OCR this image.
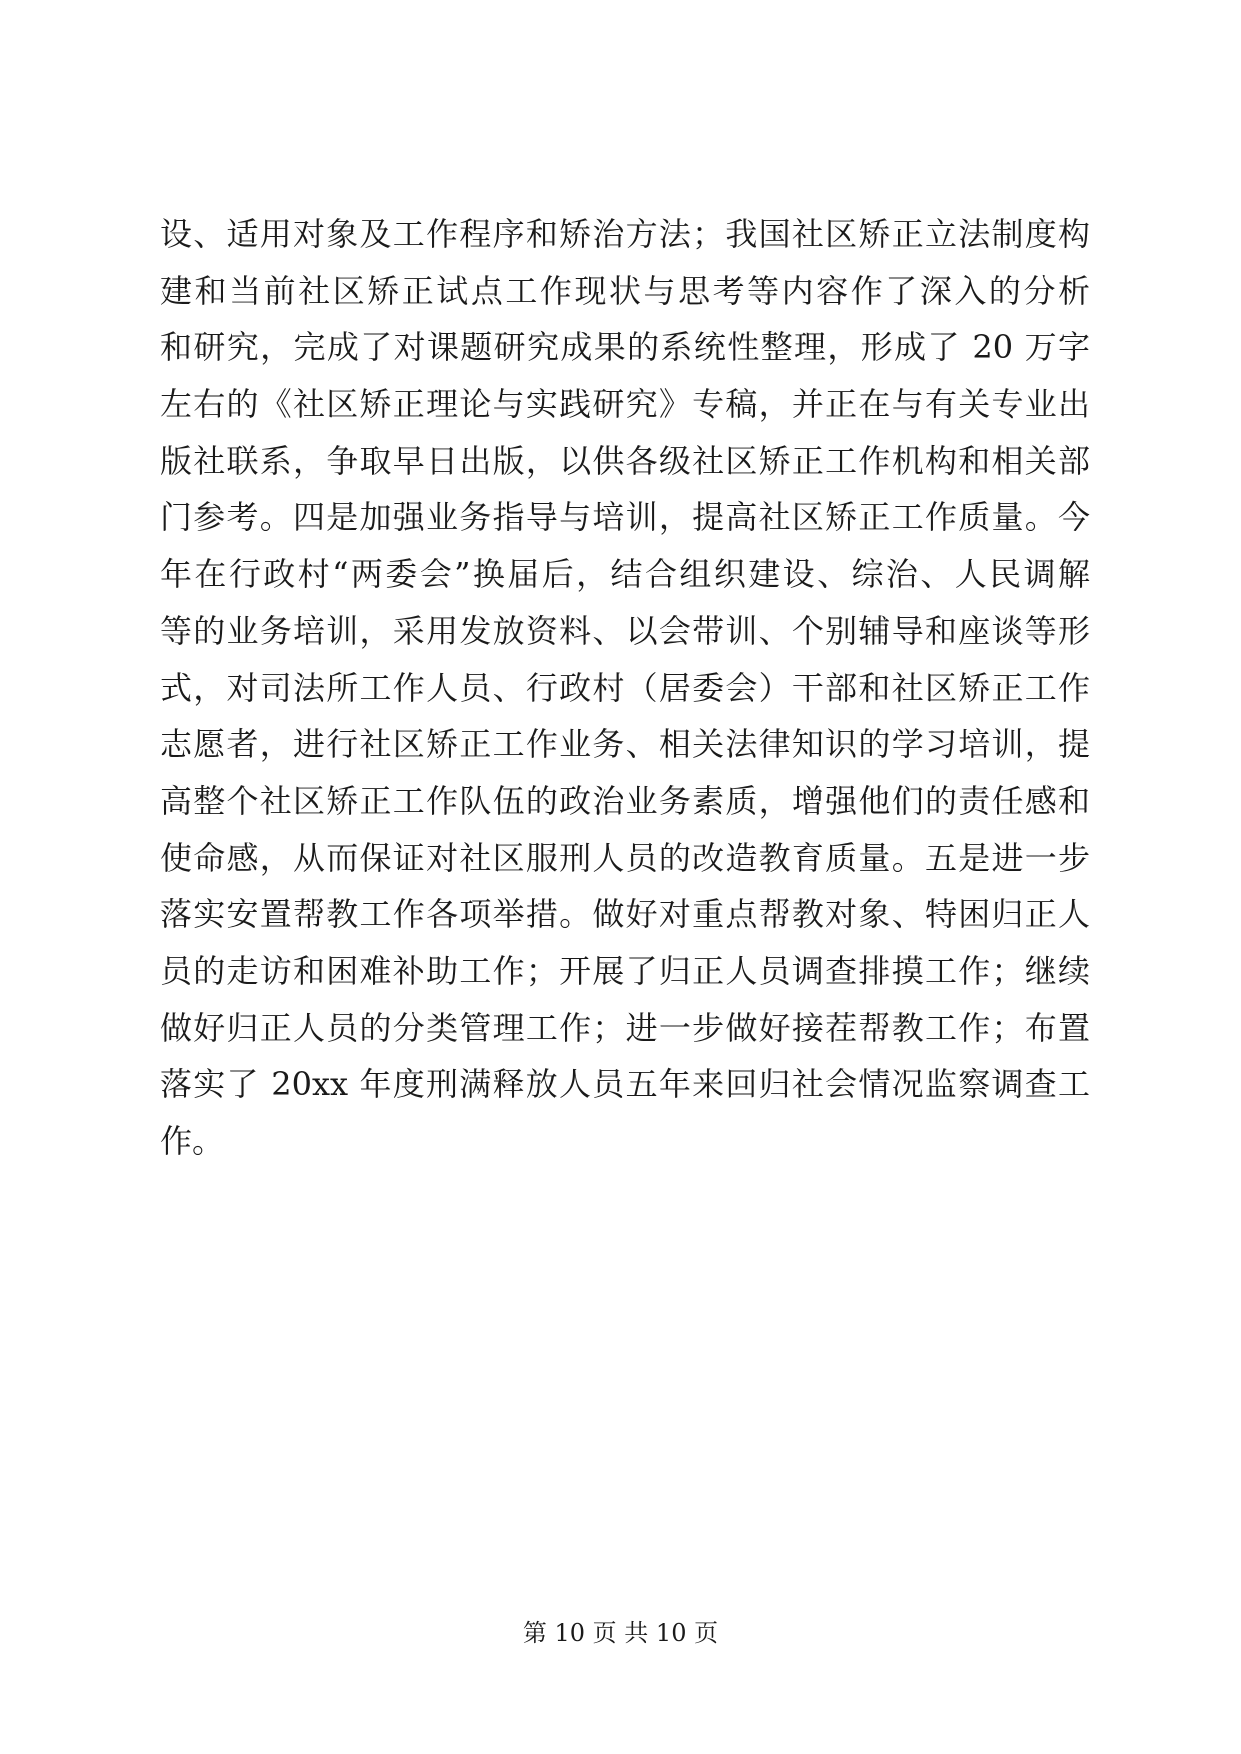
设、适用对象及工作程序和矫治方法；我国社区矫正立法制度构
建和当前社区矫正试点工作现状与思考等内容作了深入的分析
和研究，完成了对课题研究成果的系统性整理，形成了 20 万字
左右的《社区矫正理论与实践研究》专稿，并正在与有关专业出
版社联系，争取早日出版，以供各级社区矫正工作机构和相关部
门参考。四是加强业务指导与培训，提高社区矫正工作质量。今
年在行政村“两委会”换届后，结合组织建设、综治、人民调解
等的业务培训，采用发放资料、以会带训、个别辅导和座谈等形
式，对司法所工作人员、行政村（居委会）干部和社区矫正工作
志愿者，进行社区矫正工作业务、相关法律知识的学习培训，提
高整个社区矫正工作队伍的政治业务素质，增强他们的责任感和
使命感，从而保证对社区服刑人员的改造教育质量。五是进一步
落实安置帮教工作各项举措。做好对重点帮教对象、特困归正人
员的走访和困难补助工作；开展了归正人员调查排摸工作；继续
做好归正人员的分类管理工作；进一步做好接茬帮教工作；布置
落实了 20xx 年度刑满释放人员五年来回归社会情况监察调查工
作。
第 10 页 共 10 页
